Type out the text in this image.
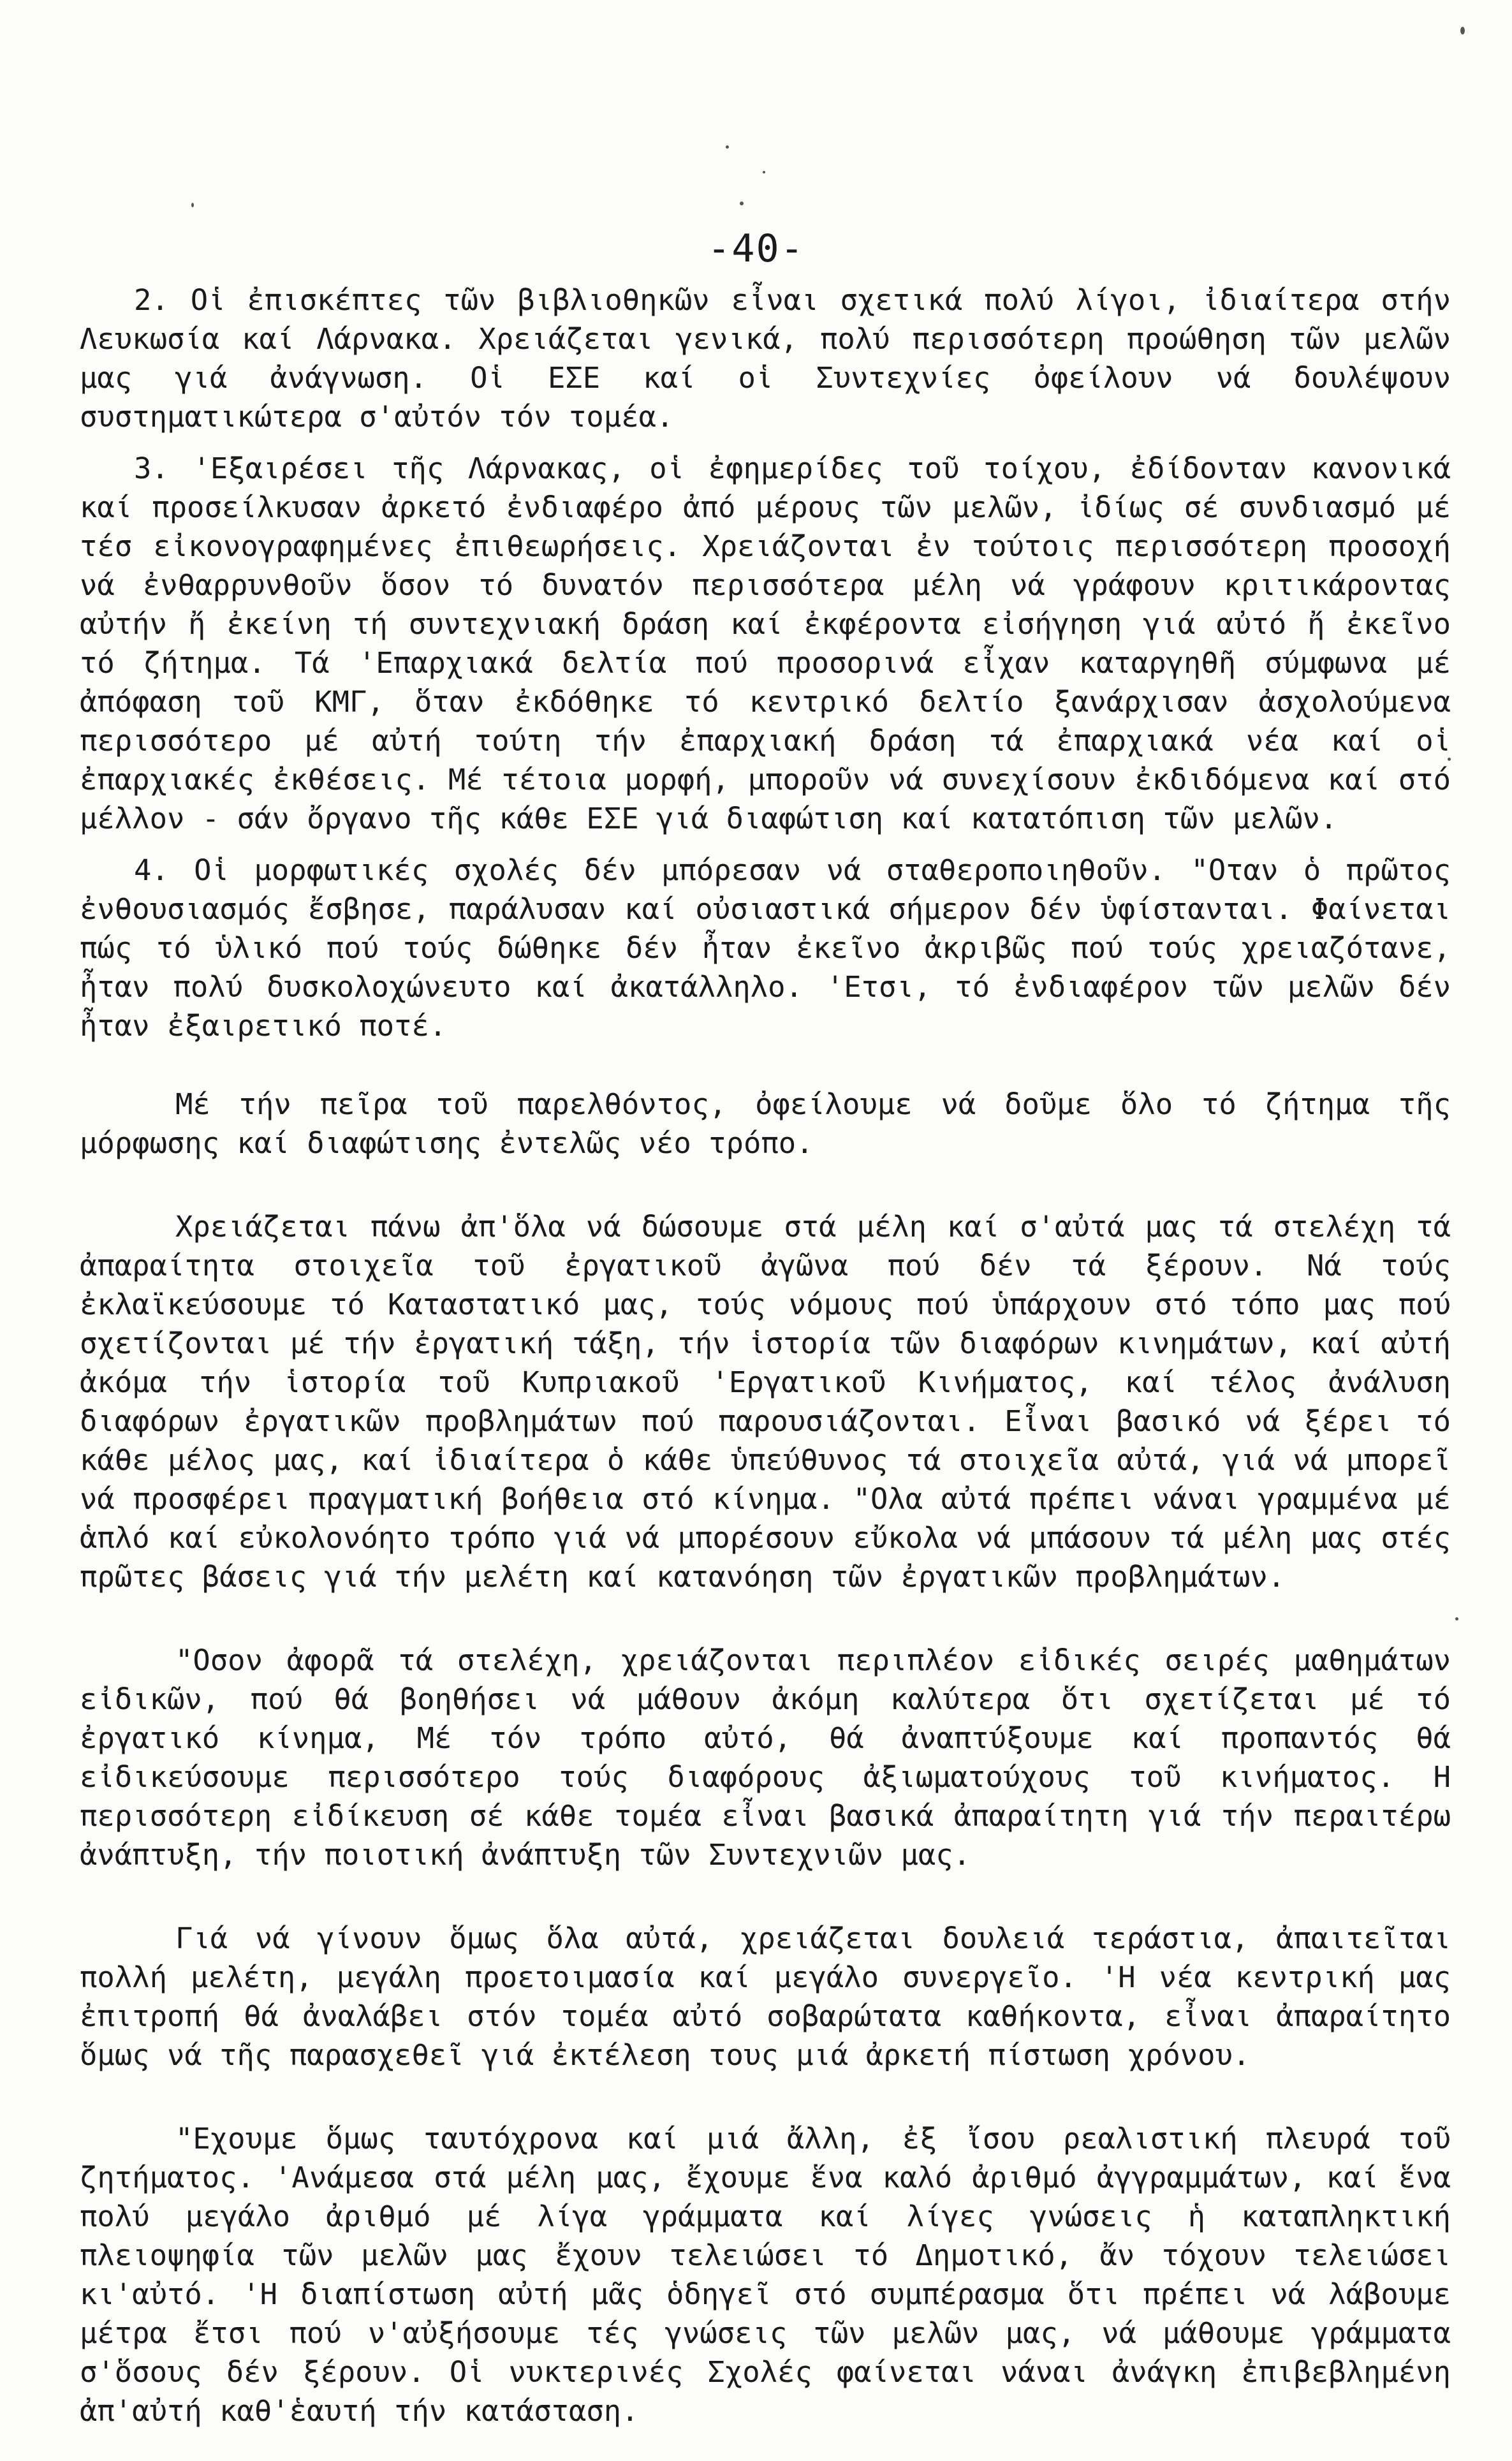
-40-

2. Οἱ ἐπισκέπτες τῶν βιβλιοθηκῶν εἶναι σχετικά πολύ λίγοι, ἰδιαίτερα στήν Λευκωσία καί Λάρνακα. Χρειάζεται γενικά, πολύ περισσότερη προώθηση τῶν μελῶν μας γιά ἀνάγνωση. Οἱ ΕΣΕ καί οἱ Συντεχνίες ὀφείλουν νά δουλέψουν συστηματικώτερα σ'αὐτόν τόν τομέα.

3. 'Εξαιρέσει τῆς Λάρνακας, οἱ ἐφημερίδες τοῦ τοίχου, ἐδίδονταν κανονικά καί προσείλκυσαν ἀρκετό ἐνδιαφέρο ἀπό μέρους τῶν μελῶν, ἰδίως σέ συνδιασμό μέ τέσ εἰκονογραφημένες ἐπιθεωρήσεις. Χρειάζονται ἐν τούτοις περισσότερη προσοχή νά ἐνθαρρυνθοῦν ὅσον τό δυνατόν περισσότερα μέλη νά γράφουν κριτικάροντας αὐτήν ἤ ἐκείνη τή συντεχνιακή δράση καί ἐκφέροντα εἰσήγηση γιά αὐτό ἤ ἐκεῖνο τό ζήτημα. Τά 'Επαρχιακά δελτία πού προσορινά εἶχαν καταργηθῆ σύμφωνα μέ ἀπόφαση τοῦ ΚΜΓ, ὅταν ἐκδόθηκε τό κεντρικό δελτίο ξανάρχισαν ἀσχολούμενα περισσότερο μέ αὐτή τούτη τήν ἐπαρχιακή δράση τά ἐπαρχιακά νέα καί οἱ ἐπαρχιακές ἐκθέσεις. Μέ τέτοια μορφή, μποροῦν νά συνεχίσουν ἐκδιδόμενα καί στό μέλλον - σάν ὄργανο τῆς κάθε ΕΣΕ γιά διαφώτιση καί κατατόπιση τῶν μελῶν.

4. Οἱ μορφωτικές σχολές δέν μπόρεσαν νά σταθεροποιηθοῦν. "Οταν ὁ πρῶτος ἐνθουσιασμός ἔσβησε, παράλυσαν καί οὐσιαστικά σήμερον δέν ὑφίστανται. Φαίνεται πώς τό ὑλικό πού τούς δώθηκε δέν ἦταν ἐκεῖνο ἀκριβῶς πού τούς χρειαζότανε, ἦταν πολύ δυσκολοχώνευτο καί ἀκατάλληλο. 'Ετσι, τό ἐνδιαφέρον τῶν μελῶν δέν ἦταν ἐξαιρετικό ποτέ.

Μέ τήν πεῖρα τοῦ παρελθόντος, ὀφείλουμε νά δοῦμε ὅλο τό ζήτημα τῆς μόρφωσης καί διαφώτισης ἐντελῶς νέο τρόπο.

Χρειάζεται πάνω ἀπ'ὅλα νά δώσουμε στά μέλη καί σ'αὐτά μας τά στελέχη τά ἀπαραίτητα στοιχεῖα τοῦ ἐργατικοῦ ἀγῶνα πού δέν τά ξέρουν. Νά τούς ἐκλαϊκεύσουμε τό Καταστατικό μας, τούς νόμους πού ὑπάρχουν στό τόπο μας πού σχετίζονται μέ τήν ἐργατική τάξη, τήν ἱστορία τῶν διαφόρων κινημάτων, καί αὐτή ἀκόμα τήν ἱστορία τοῦ Κυπριακοῦ 'Εργατικοῦ Κινήματος, καί τέλος ἀνάλυση διαφόρων ἐργατικῶν προβλημάτων πού παρουσιάζονται. Εἶναι βασικό νά ξέρει τό κάθε μέλος μας, καί ἰδιαίτερα ὁ κάθε ὑπεύθυνος τά στοιχεῖα αὐτά, γιά νά μπορεῖ νά προσφέρει πραγματική βοήθεια στό κίνημα. "Ολα αὐτά πρέπει νάναι γραμμένα μέ ἁπλό καί εὐκολονόητο τρόπο γιά νά μπορέσουν εὔκολα νά μπάσουν τά μέλη μας στές πρῶτες βάσεις γιά τήν μελέτη καί κατανόηση τῶν ἐργατικῶν προβλημάτων.

"Οσον ἀφορᾶ τά στελέχη, χρειάζονται περιπλέον εἰδικές σειρές μαθημάτων εἰδικῶν, πού θά βοηθήσει νά μάθουν ἀκόμη καλύτερα ὅτι σχετίζεται μέ τό ἐργατικό κίνημα, Μέ τόν τρόπο αὐτό, θά ἀναπτύξουμε καί προπαντός θά εἰδικεύσουμε περισσότερο τούς διαφόρους ἀξιωματούχους τοῦ κινήματος. Η περισσότερη εἰδίκευση σέ κάθε τομέα εἶναι βασικά ἀπαραίτητη γιά τήν περαιτέρω ἀνάπτυξη, τήν ποιοτική ἀνάπτυξη τῶν Συντεχνιῶν μας.

Γιά νά γίνουν ὅμως ὅλα αὐτά, χρειάζεται δουλειά τεράστια, ἀπαιτεῖται πολλή μελέτη, μεγάλη προετοιμασία καί μεγάλο συνεργεῖο. 'Η νέα κεντρική μας ἐπιτροπή θά ἀναλάβει στόν τομέα αὐτό σοβαρώτατα καθήκοντα, εἶναι ἀπαραίτητο ὅμως νά τῆς παρασχεθεῖ γιά ἐκτέλεση τους μιά ἀρκετή πίστωση χρόνου.

"Εχουμε ὅμως ταυτόχρονα καί μιά ἄλλη, ἐξ ἴσου ρεαλιστική πλευρά τοῦ ζητήματος. 'Ανάμεσα στά μέλη μας, ἔχουμε ἕνα καλό ἀριθμό ἀγγραμμάτων, καί ἕνα πολύ μεγάλο ἀριθμό μέ λίγα γράμματα καί λίγες γνώσεις ἡ καταπληκτική πλειοψηφία τῶν μελῶν μας ἔχουν τελειώσει τό Δημοτικό, ἄν τόχουν τελειώσει κι'αὐτό. 'Η διαπίστωση αὐτή μᾶς ὁδηγεῖ στό συμπέρασμα ὅτι πρέπει νά λάβουμε μέτρα ἔτσι πού ν'αὐξήσουμε τές γνώσεις τῶν μελῶν μας, νά μάθουμε γράμματα σ'ὅσους δέν ξέρουν. Οἱ νυκτερινές Σχολές φαίνεται νάναι ἀνάγκη ἐπιβεβλημένη ἀπ'αὐτή καθ'ἑαυτή τήν κατάσταση.
